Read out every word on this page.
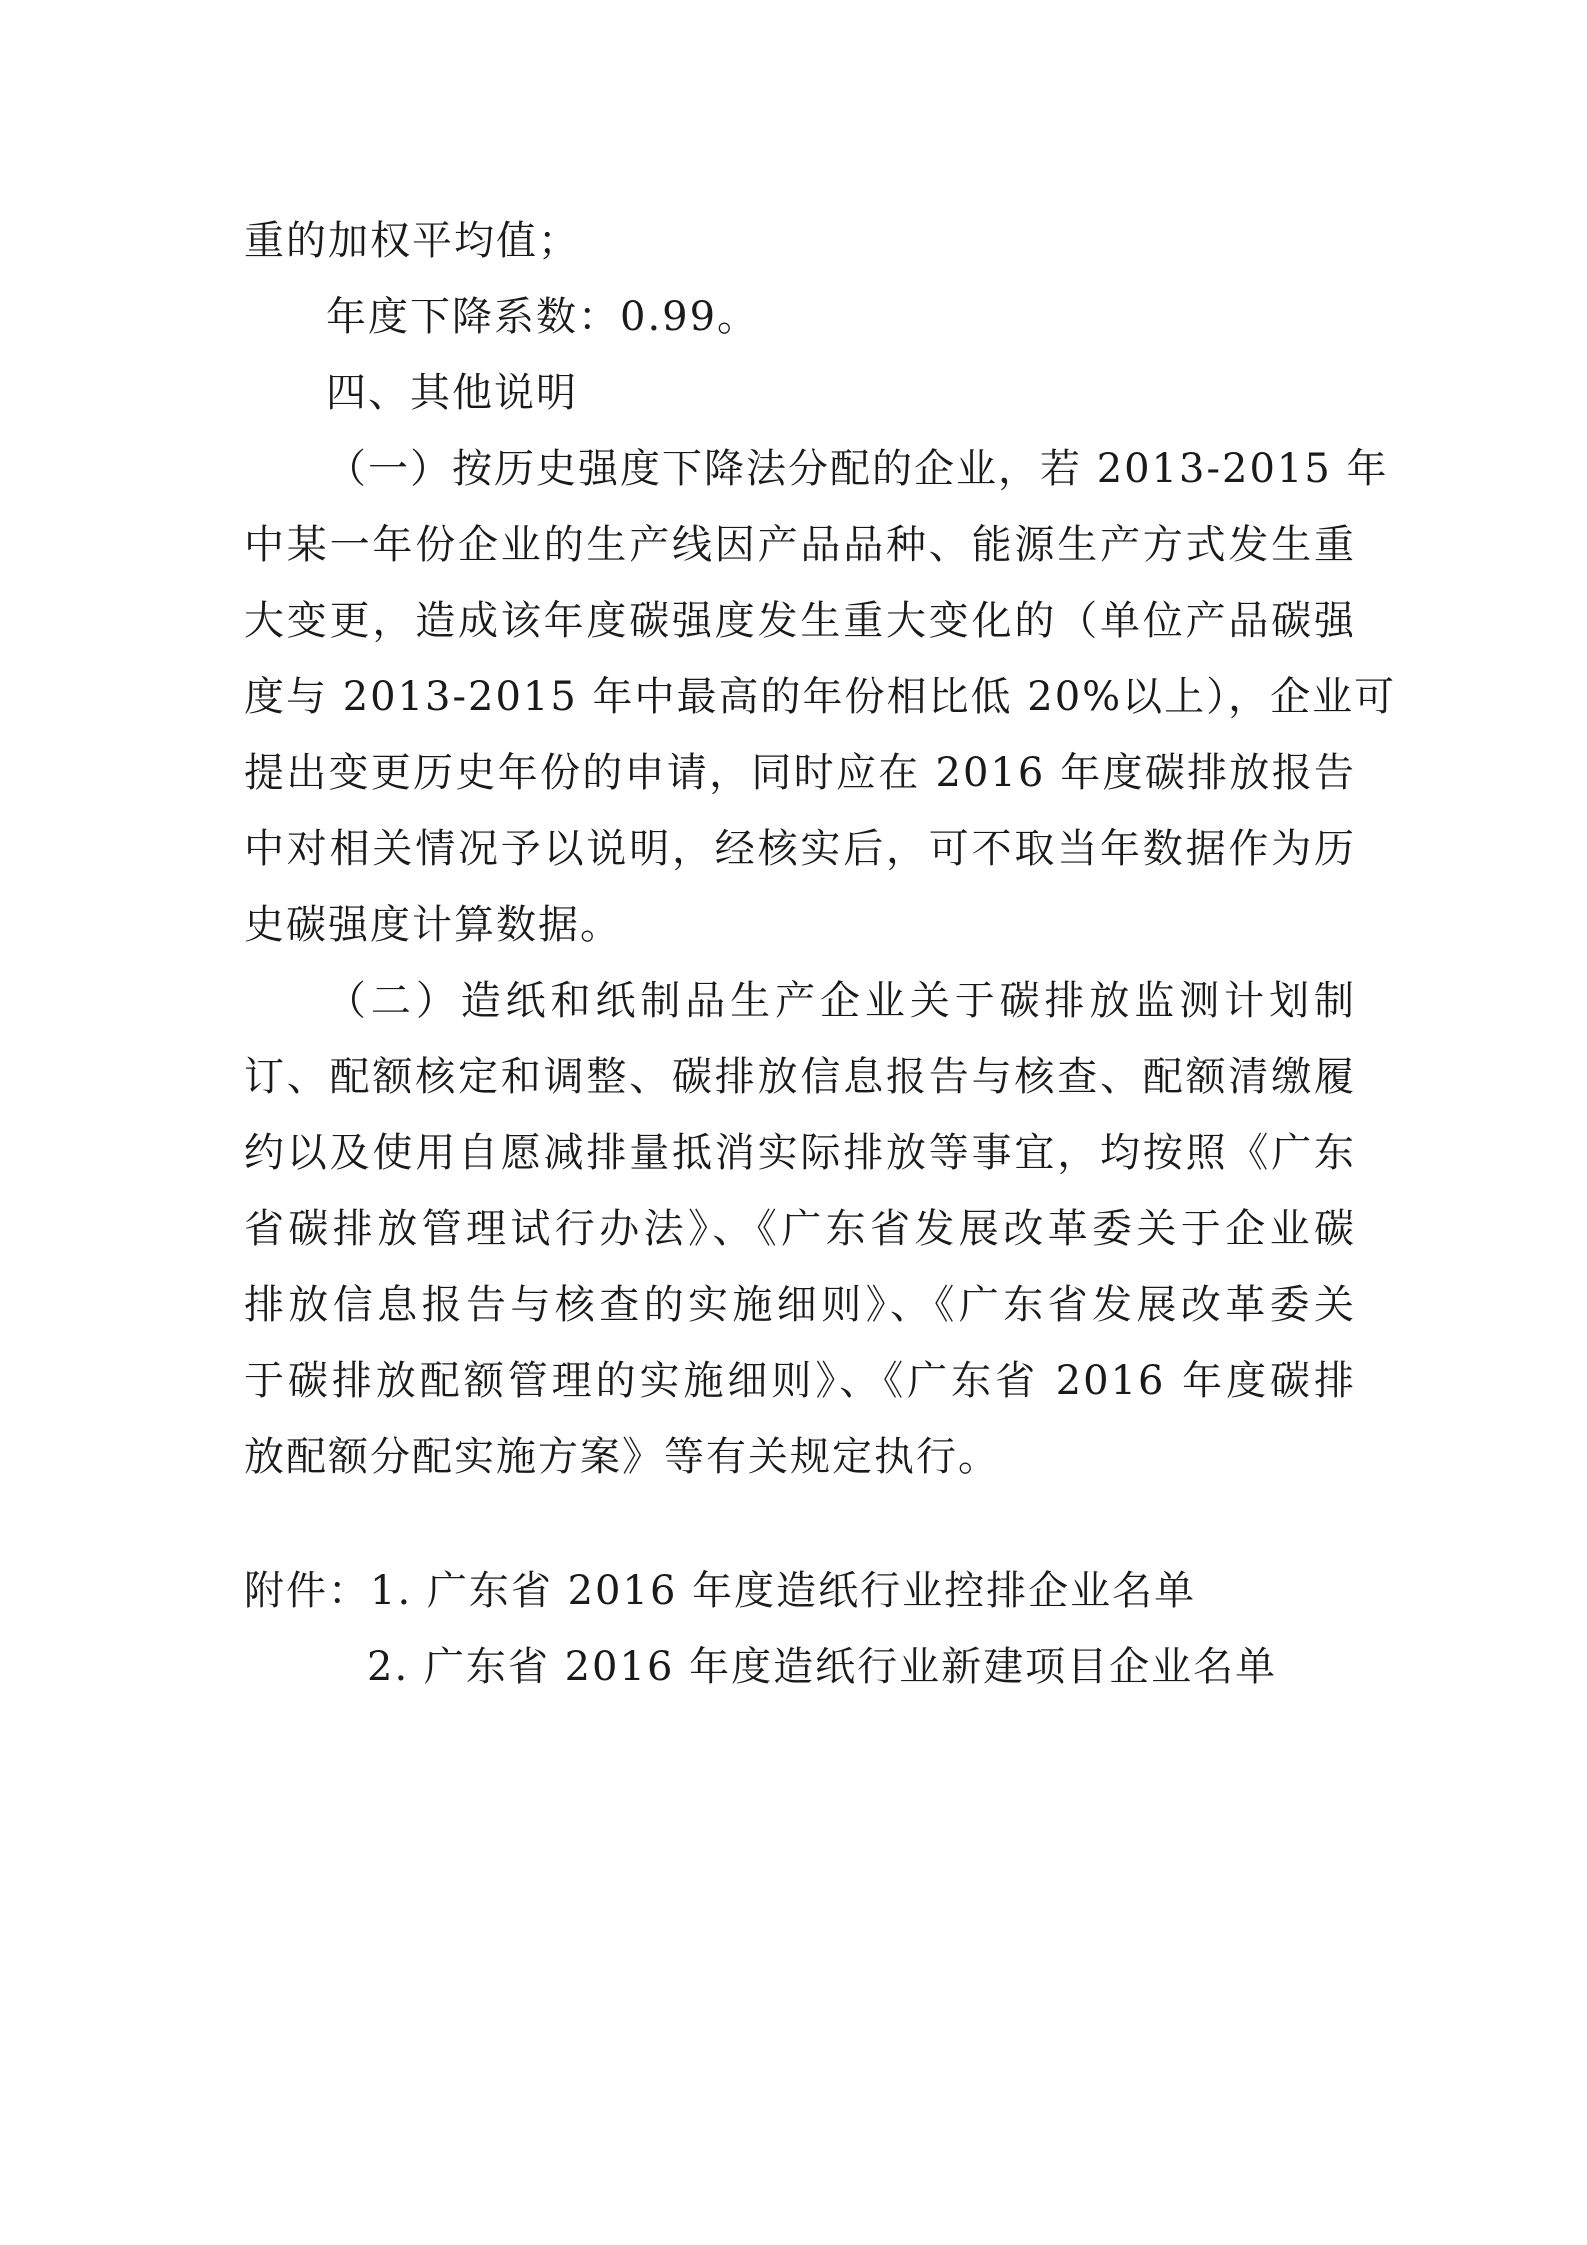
重的加权平均值；
年度下降系数：0.99。
四、其他说明
（一）按历史强度下降法分配的企业，若 2013-2015 年
中某一年份企业的生产线因产品品种、能源生产方式发生重
大变更，造成该年度碳强度发生重大变化的（单位产品碳强
度与 2013-2015 年中最高的年份相比低 20%以上），企业可
提出变更历史年份的申请，同时应在 2016 年度碳排放报告
中对相关情况予以说明，经核实后，可不取当年数据作为历
史碳强度计算数据。
（二）造纸和纸制品生产企业关于碳排放监测计划制
订、配额核定和调整、碳排放信息报告与核查、配额清缴履
约以及使用自愿减排量抵消实际排放等事宜，均按照《广东
省碳排放管理试行办法》、《广东省发展改革委关于企业碳
排放信息报告与核查的实施细则》、《广东省发展改革委关
于碳排放配额管理的实施细则》、《广东省 2016 年度碳排
放配额分配实施方案》等有关规定执行。
附件：1. 广东省 2016 年度造纸行业控排企业名单
2. 广东省 2016 年度造纸行业新建项目企业名单
